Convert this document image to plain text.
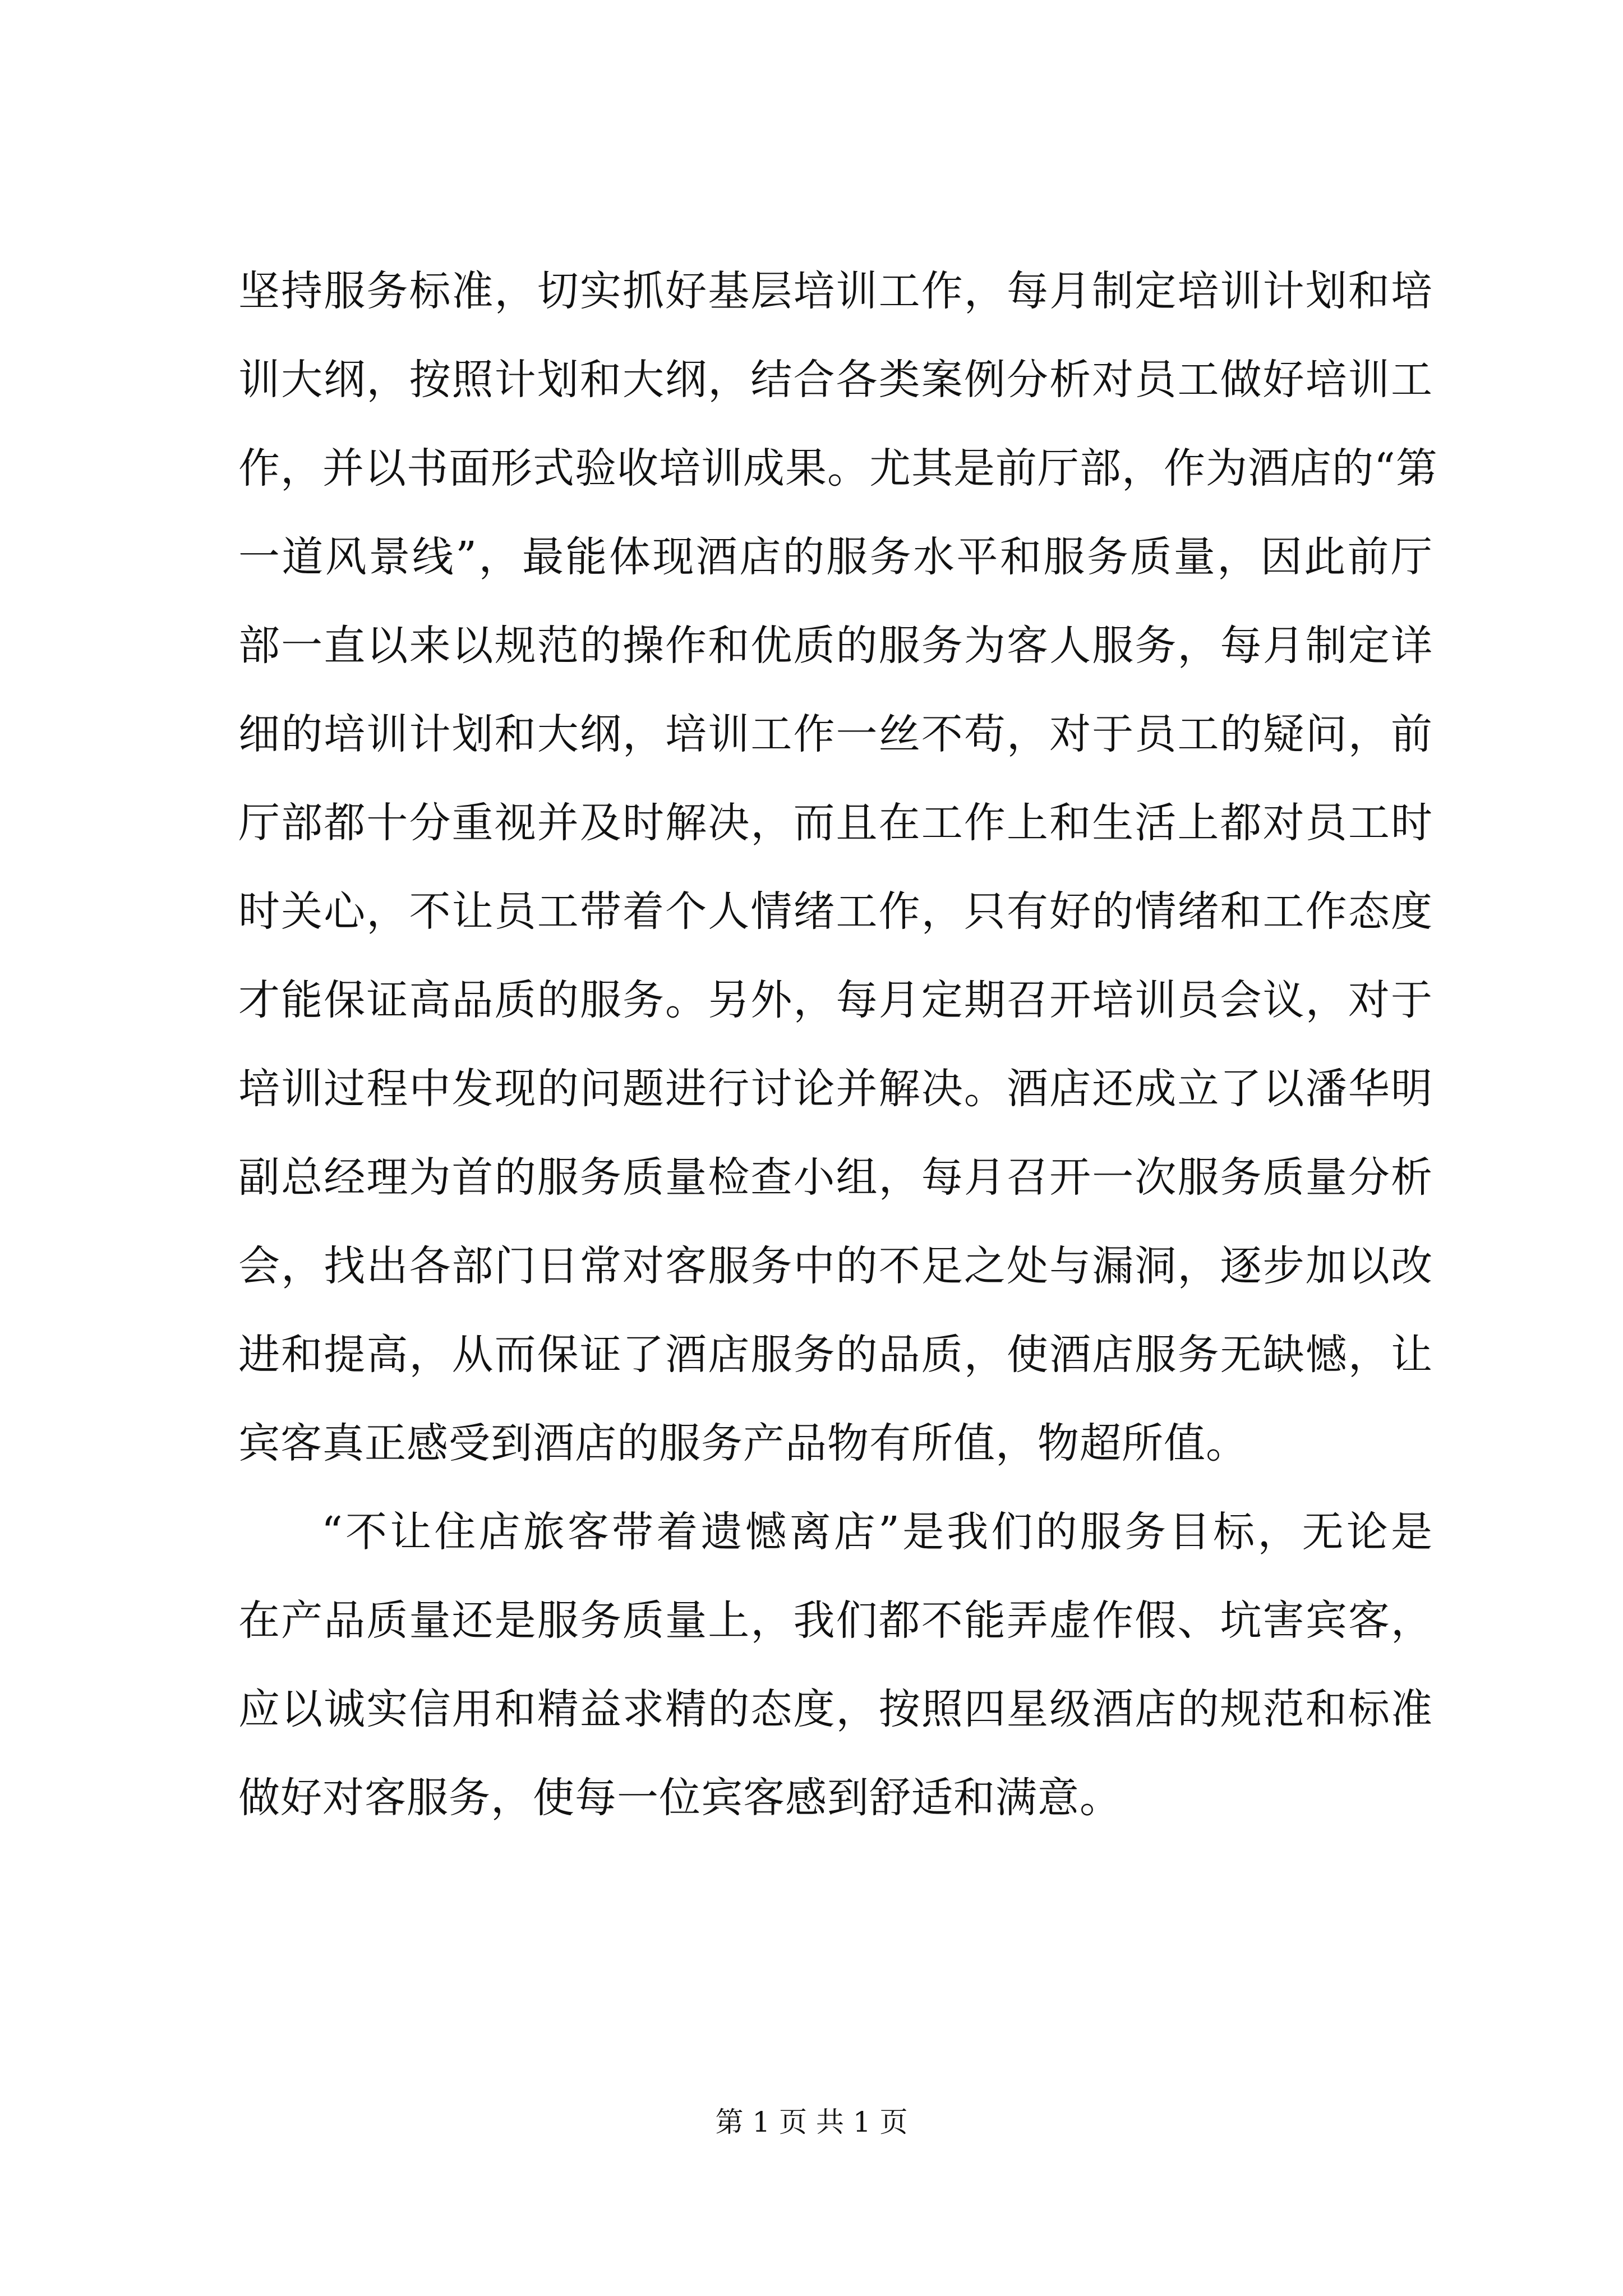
坚持服务标准，切实抓好基层培训工作，每月制定培训计划和培
训大纲，按照计划和大纲，结合各类案例分析对员工做好培训工
作，并以书面形式验收培训成果。尤其是前厅部，作为酒店的“第
一道风景线”，最能体现酒店的服务水平和服务质量，因此前厅
部一直以来以规范的操作和优质的服务为客人服务，每月制定详
细的培训计划和大纲，培训工作一丝不苟，对于员工的疑问，前
厅部都十分重视并及时解决，而且在工作上和生活上都对员工时
时关心，不让员工带着个人情绪工作，只有好的情绪和工作态度
才能保证高品质的服务。另外，每月定期召开培训员会议，对于
培训过程中发现的问题进行讨论并解决。酒店还成立了以潘华明
副总经理为首的服务质量检查小组，每月召开一次服务质量分析
会，找出各部门日常对客服务中的不足之处与漏洞，逐步加以改
进和提高，从而保证了酒店服务的品质，使酒店服务无缺憾，让
宾客真正感受到酒店的服务产品物有所值，物超所值。
“不让住店旅客带着遗憾离店”是我们的服务目标，无论是
在产品质量还是服务质量上，我们都不能弄虚作假、坑害宾客，
应以诚实信用和精益求精的态度，按照四星级酒店的规范和标准
做好对客服务，使每一位宾客感到舒适和满意。
第 1 页 共 1 页
